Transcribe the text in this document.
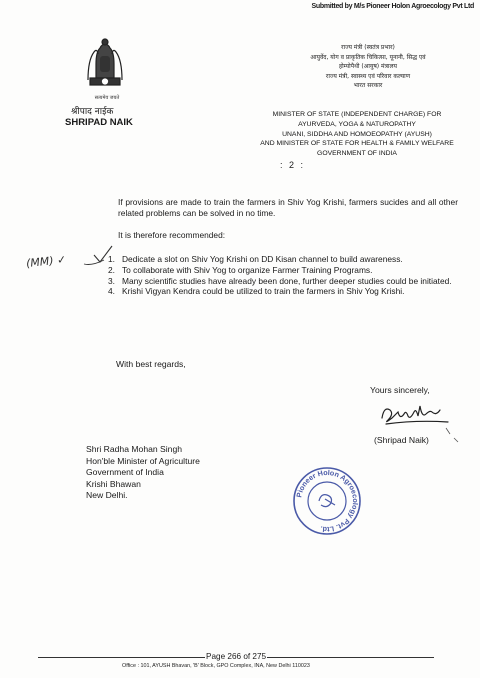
Submitted by M/s Pioneer Holon Agroecology Pvt Ltd
सत्यमेव जयते
श्रीपाद नाईक
SHRIPAD NAIK
राज्य मंत्री (स्वतंत्र प्रभार)
आयुर्वेद, योग व प्राकृतिक चिकित्सा, यूनानी, सिद्ध एवं
होम्योपैथी (आयुष) मंत्रालय
राज्य मंत्री, स्वास्थ्य एवं परिवार कल्याण
भारत सरकार
MINISTER OF STATE (INDEPENDENT CHARGE) FOR
AYURVEDA, YOGA & NATUROPATHY
UNANI, SIDDHA AND HOMOEOPATHY (AYUSH)
AND MINISTER OF STATE FOR HEALTH & FAMILY WELFARE
GOVERNMENT OF INDIA
: 2 :
If provisions are made to train the farmers in Shiv Yog Krishi, farmers sucides and all other related problems can be solved in no time.
It is therefore recommended:
(MM) ✓	1. Dedicate a slot on Shiv Yog Krishi on DD Kisan channel to build awareness.
2. To collaborate with Shiv Yog to organize Farmer Training Programs.
3. Many scientific studies have already been done, further deeper studies could be initiated.
4. Krishi Vigyan Kendra could be utilized to train the farmers in Shiv Yog Krishi.
With best regards,
Yours sincerely,
(Shripad Naik)
Shri Radha Mohan Singh
Hon'ble Minister of Agriculture
Government of India
Krishi Bhawan
New Delhi.	Pioneer Holon Agroecology Pvt. Ltd.
Page 266 of 275
Office : 101, AYUSH Bhavan, 'B' Block, GPO Complex, INA, New Delhi 110023
